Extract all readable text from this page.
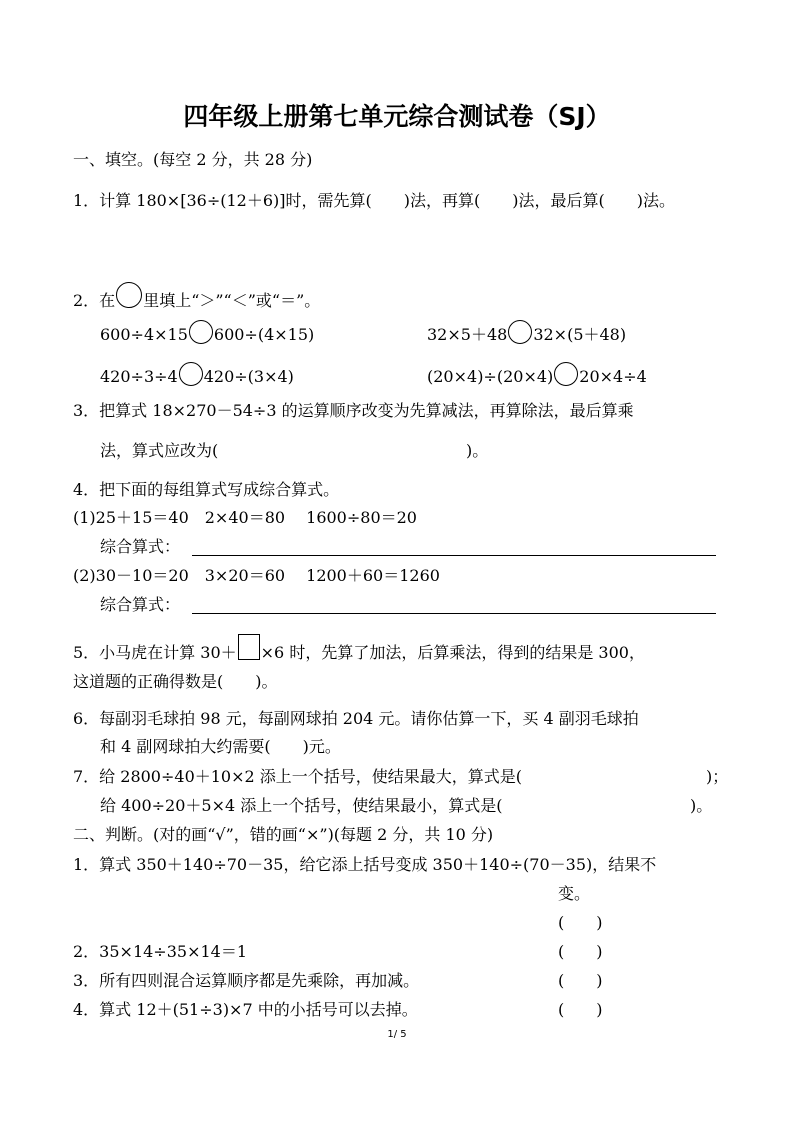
四年级上册第七单元综合测试卷（SJ）
一、填空。(每空 2 分，共 28 分)
1．计算 180×[36÷(12＋6)]时，需先算(　　)法，再算(　　)法，最后算(　　)法。
2．在 里填上“＞”“＜”或“＝”。
600÷4×15 600÷(4×15)	32×5＋48 32×(5＋48)
420÷3÷4 420÷(3×4)	(20×4)÷(20×4) 20×4÷4
3．把算式 18×270－54÷3 的运算顺序改变为先算减法，再算除法，最后算乘
法，算式应改为(	)。
4．把下面的每组算式写成综合算式。
(1)25＋15＝40　2×40＝80　 1600÷80＝20
综合算式：
(2)30－10＝20　3×20＝60　 1200＋60＝1260
综合算式：
5．小马虎在计算 30＋ ×6 时，先算了加法，后算乘法，得到的结果是 300，
这道题的正确得数是(　　)。
6．每副羽毛球拍 98 元，每副网球拍 204 元。请你估算一下，买 4 副羽毛球拍
和 4 副网球拍大约需要(　　)元。
7．给 2800÷40＋10×2 添上一个括号，使结果最大，算式是(	)；
给 400÷20＋5×4 添上一个括号，使结果最小，算式是(	)。
二、判断。(对的画“√”，错的画“×”)(每题 2 分，共 10 分)
1．算式 350＋140÷70－35，给它添上括号变成 350＋140÷(70－35)，结果不
变。
(　　)
2．35×14÷35×14＝1	(　　)
3．所有四则混合运算顺序都是先乘除，再加减。	(　　)
4．算式 12＋(51÷3)×7 中的小括号可以去掉。	(　　)
1/ 5
